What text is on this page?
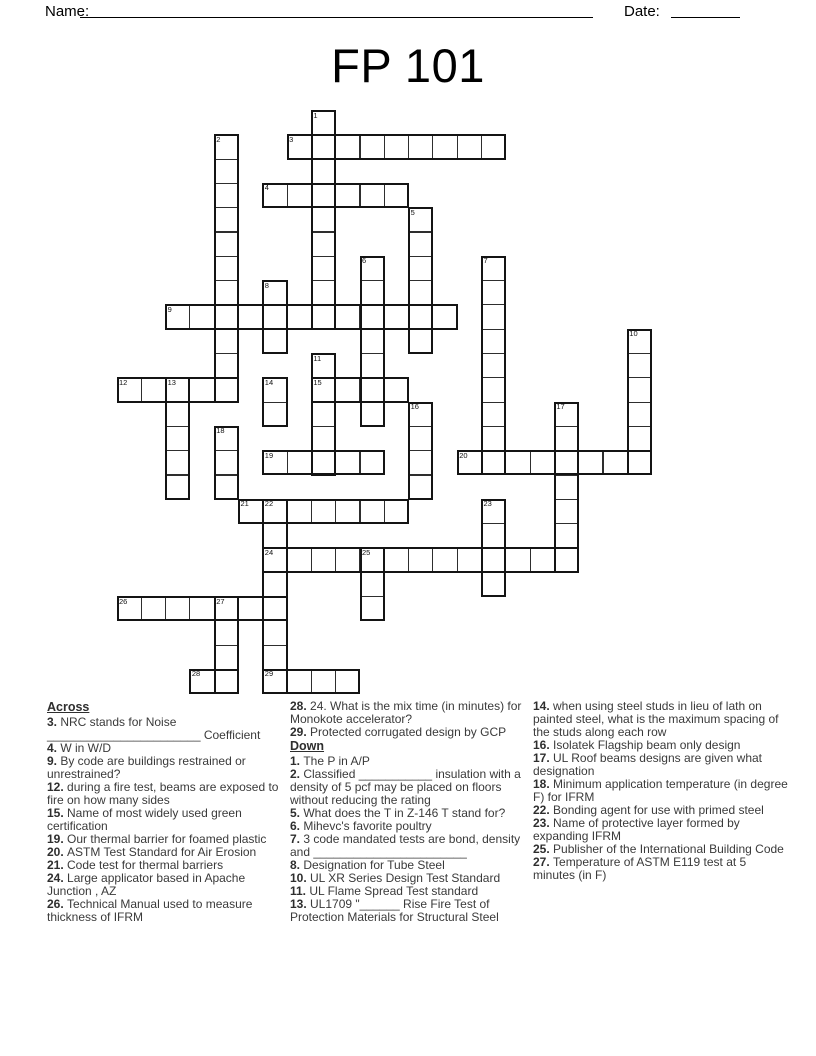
Name:	Date:
FP 101
1
2	3
4
5
6	7
8
9
10
11
15
12	13	14
16	17
18
19	20
21 22
24
29
23
25
26	27
28
Across

3. NRC stands for Noise _______________________ Coefficient

4. W in W/D

9. By code are buildings restrained or unrestrained?

12. during a fire test, beams are exposed to fire on how many sides

15. Name of most widely used green certification

19. Our thermal barrier for foamed plastic

20. ASTM Test Standard for Air Erosion

21. Code test for thermal barriers

24. Large applicator based in Apache Junction , AZ

26. Technical Manual used to measure thickness of IFRM

28. 24. What is the mix time (in minutes) for Monokote accelerator?

29. Protected corrugated design by GCP

Down

1. The P in A/P

2. Classified ___________ insulation with a density of 5 pcf may be placed on floors without reducing the rating

5. What does the T in Z-146 T stand for?

6. Mihevc's favorite poultry

7. 3 code mandated tests are bond, density and _______________________

8. Designation for Tube Steel

10. UL XR Series Design Test Standard

11. UL Flame Spread Test standard

13. UL1709 "______ Rise Fire Test of Protection Materials for Structural Steel

14. when using steel studs in lieu of lath on painted steel, what is the maximum spacing of the studs along each row

16. Isolatek Flagship beam only design

17. UL Roof beams designs are given what designation

18. Minimum application temperature (in degree F) for IFRM

22. Bonding agent for use with primed steel

23. Name of protective layer formed by expanding IFRM

25. Publisher of the International Building Code

27. Temperature of ASTM E119 test at 5 minutes (in F)
